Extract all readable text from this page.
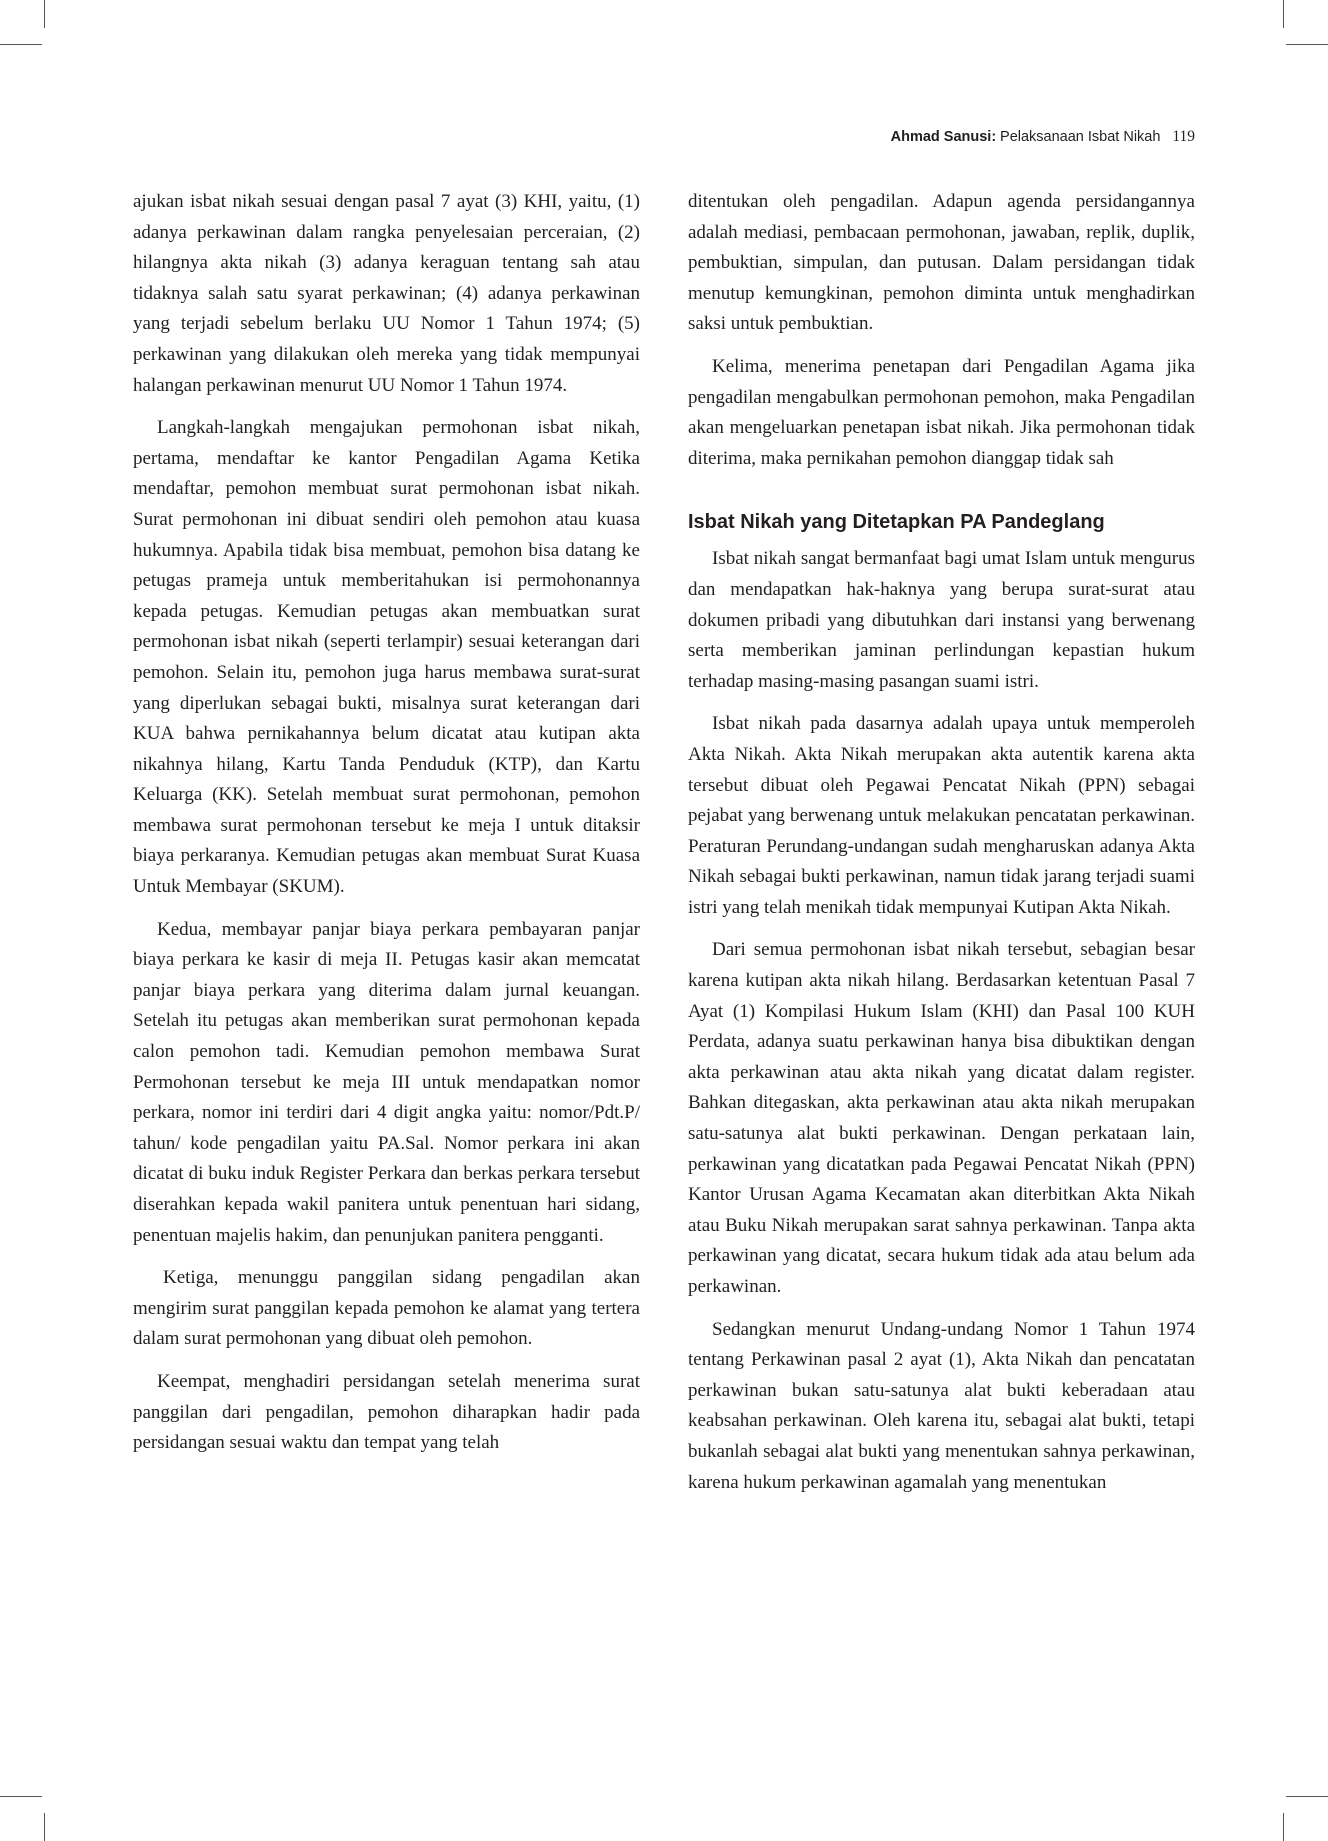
Ahmad Sanusi: Pelaksanaan Isbat Nikah 119

ajukan isbat nikah sesuai dengan pasal 7 ayat (3) KHI, yaitu, (1) adanya perkawinan dalam rangka penyelesaian perceraian, (2) hilangnya akta nikah (3) adanya keraguan tentang sah atau tidaknya salah satu syarat perkawinan; (4) adanya perkawinan yang terjadi sebelum berlaku UU Nomor 1 Tahun 1974; (5) perkawinan yang dilakukan oleh mereka yang tidak mempunyai halangan perkawinan menurut UU Nomor 1 Tahun 1974.

Langkah-langkah mengajukan permohonan isbat nikah, pertama, mendaftar ke kantor Pengadilan Agama Ketika mendaftar, pemohon membuat surat permohonan isbat nikah. Surat permohonan ini dibuat sendiri oleh pemohon atau kuasa hukumnya. Apabila tidak bisa membuat, pemohon bisa datang ke petugas prameja untuk memberitahukan isi permohonannya kepada petugas. Kemudian petugas akan membuatkan surat permohonan isbat nikah (seperti terlampir) sesuai keterangan dari pemohon. Selain itu, pemohon juga harus membawa surat-surat yang diperlukan sebagai bukti, misalnya surat keterangan dari KUA bahwa pernikahannya belum dicatat atau kutipan akta nikahnya hilang, Kartu Tanda Penduduk (KTP), dan Kartu Keluarga (KK). Setelah membuat surat permohonan, pemohon membawa surat permohonan tersebut ke meja I untuk ditaksir biaya perkaranya. Kemudian petugas akan membuat Surat Kuasa Untuk Membayar (SKUM).

Kedua, membayar panjar biaya perkara pembayaran panjar biaya perkara ke kasir di meja II. Petugas kasir akan memcatat panjar biaya perkara yang diterima dalam jurnal keuangan. Setelah itu petugas akan memberikan surat permohonan kepada calon pemohon tadi. Kemudian pemohon membawa Surat Permohonan tersebut ke meja III untuk mendapatkan nomor perkara, nomor ini terdiri dari 4 digit angka yaitu: nomor/Pdt.P/ tahun/ kode pengadilan yaitu PA.Sal. Nomor perkara ini akan dicatat di buku induk Register Perkara dan berkas perkara tersebut diserahkan kepada wakil panitera untuk penentuan hari sidang, penentuan majelis hakim, dan penunjukan panitera pengganti.

Ketiga, menunggu panggilan sidang pengadilan akan mengirim surat panggilan kepada pemohon ke alamat yang tertera dalam surat permohonan yang dibuat oleh pemohon.

Keempat, menghadiri persidangan setelah menerima surat panggilan dari pengadilan, pemohon diharapkan hadir pada persidangan sesuai waktu dan tempat yang telah

ditentukan oleh pengadilan. Adapun agenda persidangannya adalah mediasi, pembacaan permohonan, jawaban, replik, duplik, pembuktian, simpulan, dan putusan. Dalam persidangan tidak menutup kemungkinan, pemohon diminta untuk menghadirkan saksi untuk pembuktian.

Kelima, menerima penetapan dari Pengadilan Agama jika pengadilan mengabulkan permohonan pemohon, maka Pengadilan akan mengeluarkan penetapan isbat nikah. Jika permohonan tidak diterima, maka pernikahan pemohon dianggap tidak sah

Isbat Nikah yang Ditetapkan PA Pandeglang

Isbat nikah sangat bermanfaat bagi umat Islam untuk mengurus dan mendapatkan hak-haknya yang berupa surat-surat atau dokumen pribadi yang dibutuhkan dari instansi yang berwenang serta memberikan jaminan perlindungan kepastian hukum terhadap masing-masing pasangan suami istri.

Isbat nikah pada dasarnya adalah upaya untuk memperoleh Akta Nikah. Akta Nikah merupakan akta autentik karena akta tersebut dibuat oleh Pegawai Pencatat Nikah (PPN) sebagai pejabat yang berwenang untuk melakukan pencatatan perkawinan. Peraturan Perundang-undangan sudah mengharuskan adanya Akta Nikah sebagai bukti perkawinan, namun tidak jarang terjadi suami istri yang telah menikah tidak mempunyai Kutipan Akta Nikah.

Dari semua permohonan isbat nikah tersebut, sebagian besar karena kutipan akta nikah hilang. Berdasarkan ketentuan Pasal 7 Ayat (1) Kompilasi Hukum Islam (KHI) dan Pasal 100 KUH Perdata, adanya suatu perkawinan hanya bisa dibuktikan dengan akta perkawinan atau akta nikah yang dicatat dalam register. Bahkan ditegaskan, akta perkawinan atau akta nikah merupakan satu-satunya alat bukti perkawinan. Dengan perkataan lain, perkawinan yang dicatatkan pada Pegawai Pencatat Nikah (PPN) Kantor Urusan Agama Kecamatan akan diterbitkan Akta Nikah atau Buku Nikah merupakan sarat sahnya perkawinan. Tanpa akta perkawinan yang dicatat, secara hukum tidak ada atau belum ada perkawinan.

Sedangkan menurut Undang-undang Nomor 1 Tahun 1974 tentang Perkawinan pasal 2 ayat (1), Akta Nikah dan pencatatan perkawinan bukan satu-satunya alat bukti keberadaan atau keabsahan perkawinan. Oleh karena itu, sebagai alat bukti, tetapi bukanlah sebagai alat bukti yang menentukan sahnya perkawinan, karena hukum perkawinan agamalah yang menentukan
